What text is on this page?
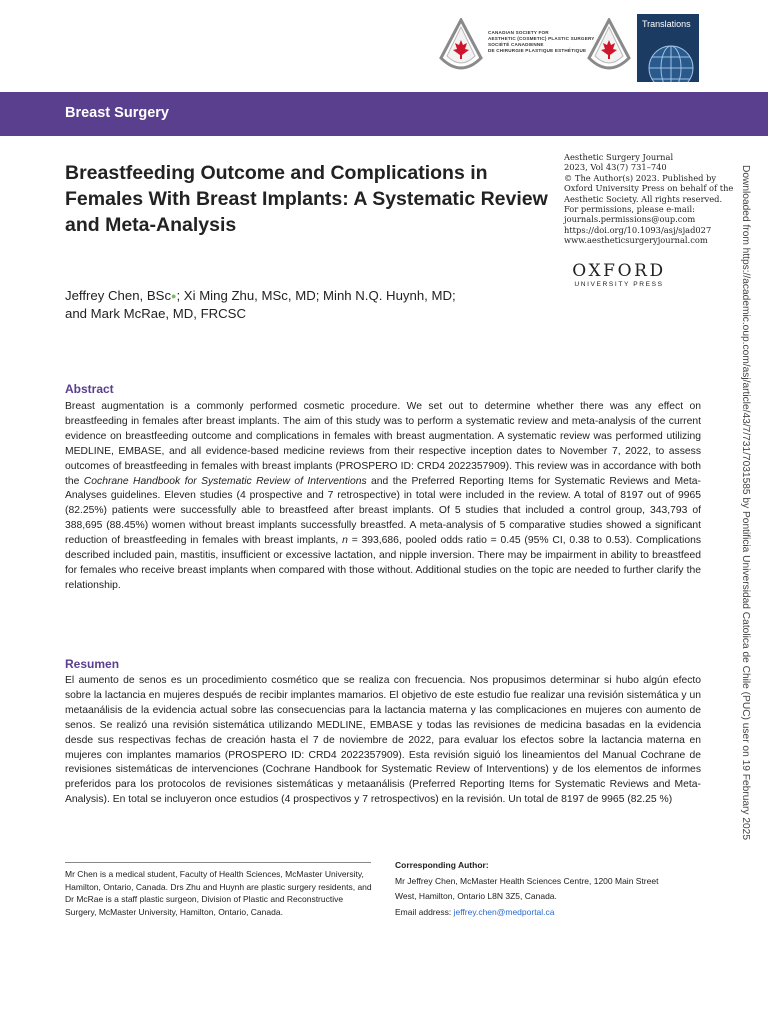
CANADIAN SOCIETY FOR
AESTHETIC (COSMETIC) PLASTIC SURGERY
SOCIÉTÉ CANADIENNE
DE CHIRURGIE PLASTIQUE ESTHÉTIQUE
Translations
Breast Surgery
Breastfeeding Outcome and Complications in Females With Breast Implants: A Systematic Review and Meta-Analysis
Jeffrey Chen, BSc●; Xi Ming Zhu, MSc, MD; Minh N.Q. Huynh, MD;
and Mark McRae, MD, FRCSC
Aesthetic Surgery Journal
2023, Vol 43(7) 731–740
© The Author(s) 2023. Published by
Oxford University Press on behalf of the
Aesthetic Society. All rights reserved.
For permissions, please e-mail:
journals.permissions@oup.com
https://doi.org/10.1093/asj/sjad027
www.aestheticsurgeryjournal.com
OXFORD
UNIVERSITY PRESS	Downloaded from https://academic.oup.com/asj/article/43/7/731/7031585 by Pontificia Universidad Catolica de Chile (PUC) user on 19 February 2025
Abstract

Breast augmentation is a commonly performed cosmetic procedure. We set out to determine whether there was any effect on breastfeeding in females after breast implants. The aim of this study was to perform a systematic review and meta-analysis of the current evidence on breastfeeding outcome and complications in females with breast augmentation. A systematic review was performed utilizing MEDLINE, EMBASE, and all evidence-based medicine reviews from their respective inception dates to November 7, 2022, to assess outcomes of breastfeeding in females with breast implants (PROSPERO ID: CRD4 2022357909). This review was in accordance with both the Cochrane Handbook for Systematic Review of Interventions and the Preferred Reporting Items for Systematic Reviews and Meta-Analyses guidelines. Eleven studies (4 prospective and 7 retrospective) in total were included in the review. A total of 8197 out of 9965 (82.25%) patients were successfully able to breastfeed after breast implants. Of 5 studies that included a control group, 343,793 of 388,695 (88.45%) women without breast implants successfully breastfed. A meta-analysis of 5 comparative studies showed a significant reduction of breastfeeding in females with breast implants, n = 393,686, pooled odds ratio = 0.45 (95% CI, 0.38 to 0.53). Complications described included pain, mastitis, insufficient or excessive lactation, and nipple inversion. There may be impairment in ability to breastfeed for females who receive breast implants when compared with those without. Additional studies on the topic are needed to further clarify the relationship.

Resumen

El aumento de senos es un procedimiento cosmético que se realiza con frecuencia. Nos propusimos determinar si hubo algún efecto sobre la lactancia en mujeres después de recibir implantes mamarios. El objetivo de este estudio fue realizar una revisión sistemática y un metaanálisis de la evidencia actual sobre las consecuencias para la lactancia materna y las complicaciones en mujeres con aumento de senos. Se realizó una revisión sistemática utilizando MEDLINE, EMBASE y todas las revisiones de medicina basadas en la evidencia desde sus respectivas fechas de creación hasta el 7 de noviembre de 2022, para evaluar los efectos sobre la lactancia materna en mujeres con implantes mamarios (PROSPERO ID: CRD4 2022357909). Esta revisión siguió los lineamientos del Manual Cochrane de revisiones sistemáticas de intervenciones (Cochrane Handbook for Systematic Review of Interventions) y de los elementos de informes preferidos para los protocolos de revisiones sistemáticas y metaanálisis (Preferred Reporting Items for Systematic Reviews and Meta-Analysis). En total se incluyeron once estudios (4 prospectivos y 7 retrospectivos) en la revisión. Un total de 8197 de 9965 (82.25 %)

Mr Chen is a medical student, Faculty of Health Sciences, McMaster University, Hamilton, Ontario, Canada. Drs Zhu and Huynh are plastic surgery residents, and Dr McRae is a staff plastic surgeon, Division of Plastic and Reconstructive Surgery, McMaster University, Hamilton, Ontario, Canada.

Corresponding Author:
Mr Jeffrey Chen, McMaster Health Sciences Centre, 1200 Main Street
West, Hamilton, Ontario L8N 3Z5, Canada.
Email address: jeffrey.chen@medportal.ca
